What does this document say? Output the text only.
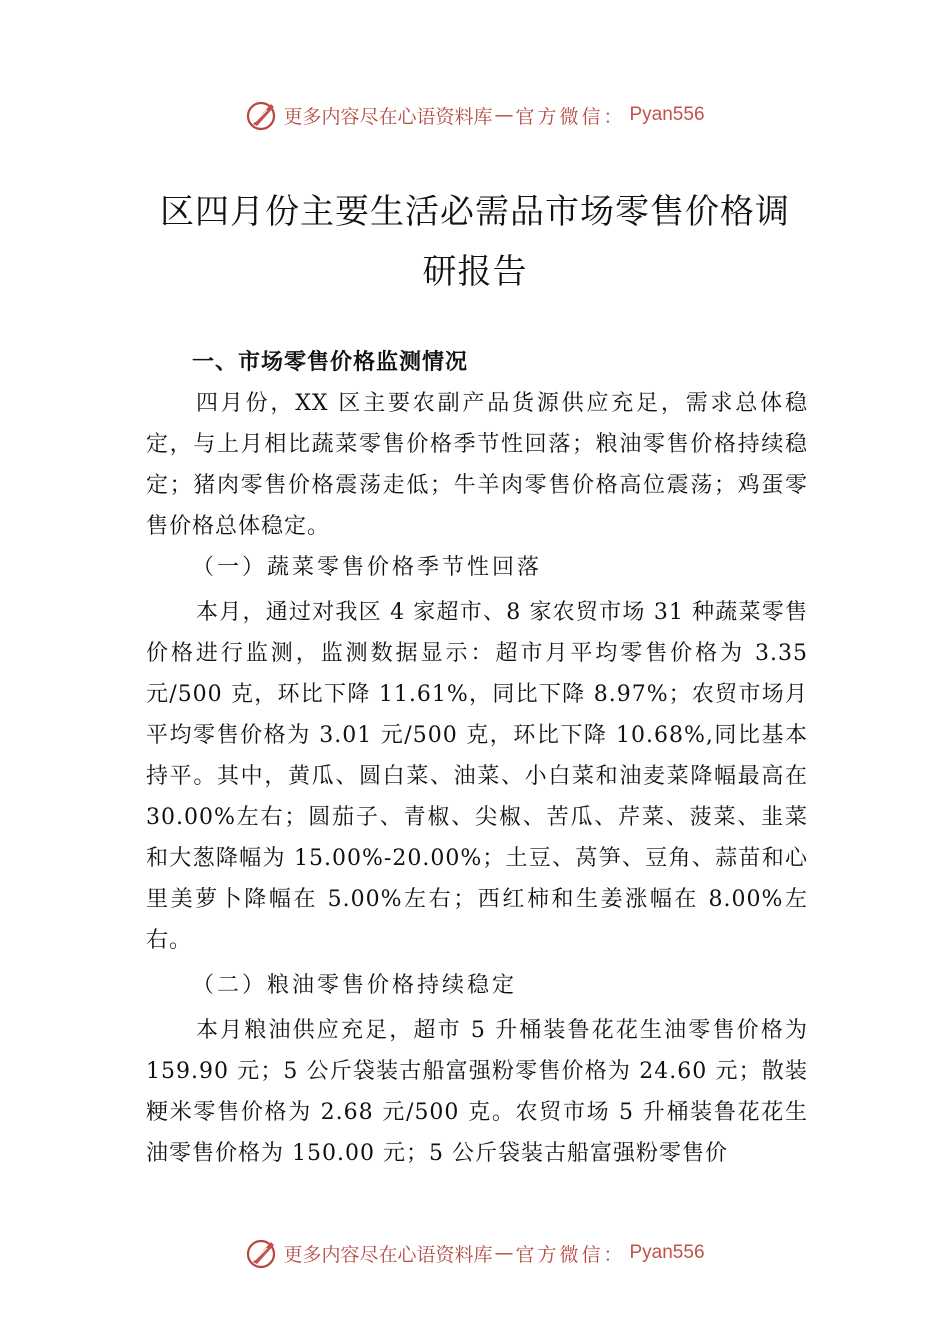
更多内容尽在心语资料库 — 官方微信： Pyan556
区四月份主要生活必需品市场零售价格调
研报告

一、市场零售价格监测情况

四月份，XX 区主要农副产品货源供应充足，需求总体稳定，与上月相比蔬菜零售价格季节性回落；粮油零售价格持续稳定；猪肉零售价格震荡走低；牛羊肉零售价格高位震荡；鸡蛋零售价格总体稳定。

（一）蔬菜零售价格季节性回落

本月，通过对我区 4 家超市、8 家农贸市场 31 种蔬菜零售价格进行监测，监测数据显示：超市月平均零售价格为 3.35 元/500 克，环比下降 11.61%，同比下降 8.97%；农贸市场月平均零售价格为 3.01 元/500 克，环比下降 10.68%,同比基本持平。其中，黄瓜、圆白菜、油菜、小白菜和油麦菜降幅最高在 30.00%左右；圆茄子、青椒、尖椒、苦瓜、芹菜、菠菜、韭菜和大葱降幅为 15.00%-20.00%；土豆、莴笋、豆角、蒜苗和心里美萝卜降幅在 5.00%左右；西红柿和生姜涨幅在 8.00%左右。

（二）粮油零售价格持续稳定

本月粮油供应充足，超市 5 升桶装鲁花花生油零售价格为 159.90 元；5 公斤袋装古船富强粉零售价格为 24.60 元；散装粳米零售价格为 2.68 元/500 克。农贸市场 5 升桶装鲁花花生油零售价格为 150.00 元；5 公斤袋装古船富强粉零售价

更多内容尽在心语资料库 — 官方微信： Pyan556
